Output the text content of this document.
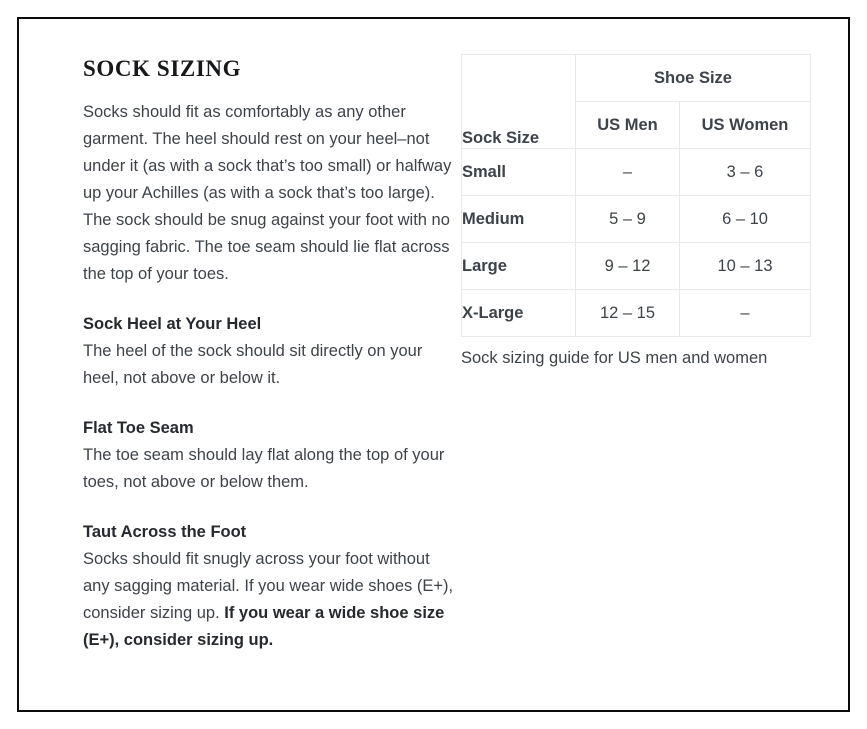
SOCK SIZING

Socks should fit as comfortably as any other garment. The heel should rest on your heel–not under it (as with a sock that’s too small) or halfway up your Achilles (as with a sock that’s too large). The sock should be snug against your foot with no sagging fabric. The toe seam should lie flat across the top of your toes.

Sock Heel at Your Heel

The heel of the sock should sit directly on your heel, not above or below it.

Flat Toe Seam

The toe seam should lay flat along the top of your toes, not above or below them.

Taut Across the Foot

Socks should fit snugly across your foot without any sagging material. If you wear wide shoes (E+), consider sizing up. If you wear a wide shoe size (E+), consider sizing up.

Sock Size	Shoe Size	
	US Men	US Women
Small	–	3 – 6
Medium	5 – 9	6 – 10
Large	9 – 12	10 – 13
X-Large	12 – 15	–
Sock sizing guide for US men and women
